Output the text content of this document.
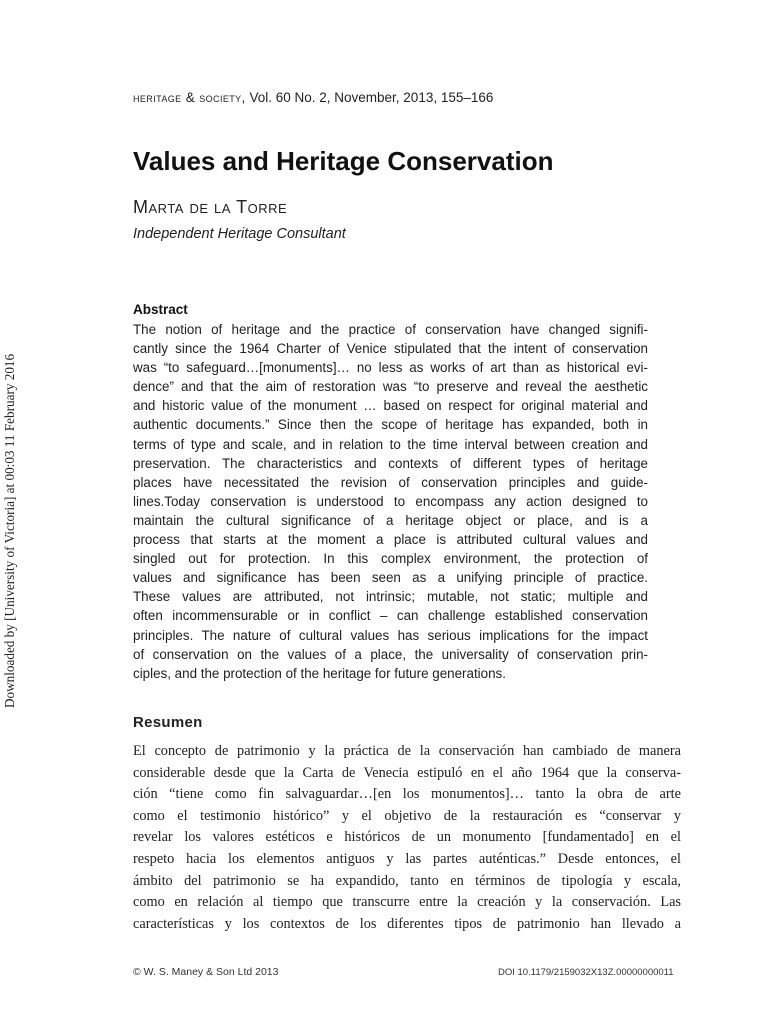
Downloaded by [University of Victoria] at 00:03 11 February 2016
heritage & society, Vol. 60 No. 2, November, 2013, 155–166
Values and Heritage Conservation
Marta de la Torre
Independent Heritage Consultant
Abstract
The notion of heritage and the practice of conservation have changed signifi-
cantly since the 1964 Charter of Venice stipulated that the intent of conservation
was “to safeguard…[monuments]… no less as works of art than as historical evi-
dence” and that the aim of restoration was “to preserve and reveal the aesthetic
and historic value of the monument … based on respect for original material and
authentic documents.” Since then the scope of heritage has expanded, both in
terms of type and scale, and in relation to the time interval between creation and
preservation. The characteristics and contexts of different types of heritage
places have necessitated the revision of conservation principles and guide-
lines.Today conservation is understood to encompass any action designed to
maintain the cultural significance of a heritage object or place, and is a
process that starts at the moment a place is attributed cultural values and
singled out for protection. In this complex environment, the protection of
values and significance has been seen as a unifying principle of practice.
These values are attributed, not intrinsic; mutable, not static; multiple and
often incommensurable or in conflict – can challenge established conservation
principles. The nature of cultural values has serious implications for the impact
of conservation on the values of a place, the universality of conservation prin-
ciples, and the protection of the heritage for future generations.
Resumen
El concepto de patrimonio y la práctica de la conservación han cambiado de manera
considerable desde que la Carta de Venecia estipuló en el año 1964 que la conserva-
ción “tiene como fin salvaguardar…[en los monumentos]… tanto la obra de arte
como el testimonio histórico” y el objetivo de la restauración es “conservar y
revelar los valores estéticos e históricos de un monumento [fundamentado] en el
respeto hacia los elementos antiguos y las partes auténticas.” Desde entonces, el
ámbito del patrimonio se ha expandido, tanto en términos de tipología y escala,
como en relación al tiempo que transcurre entre la creación y la conservación. Las
características y los contextos de los diferentes tipos de patrimonio han llevado a
© W. S. Maney & Son Ltd 2013	DOI 10.1179/2159032X13Z.00000000011
